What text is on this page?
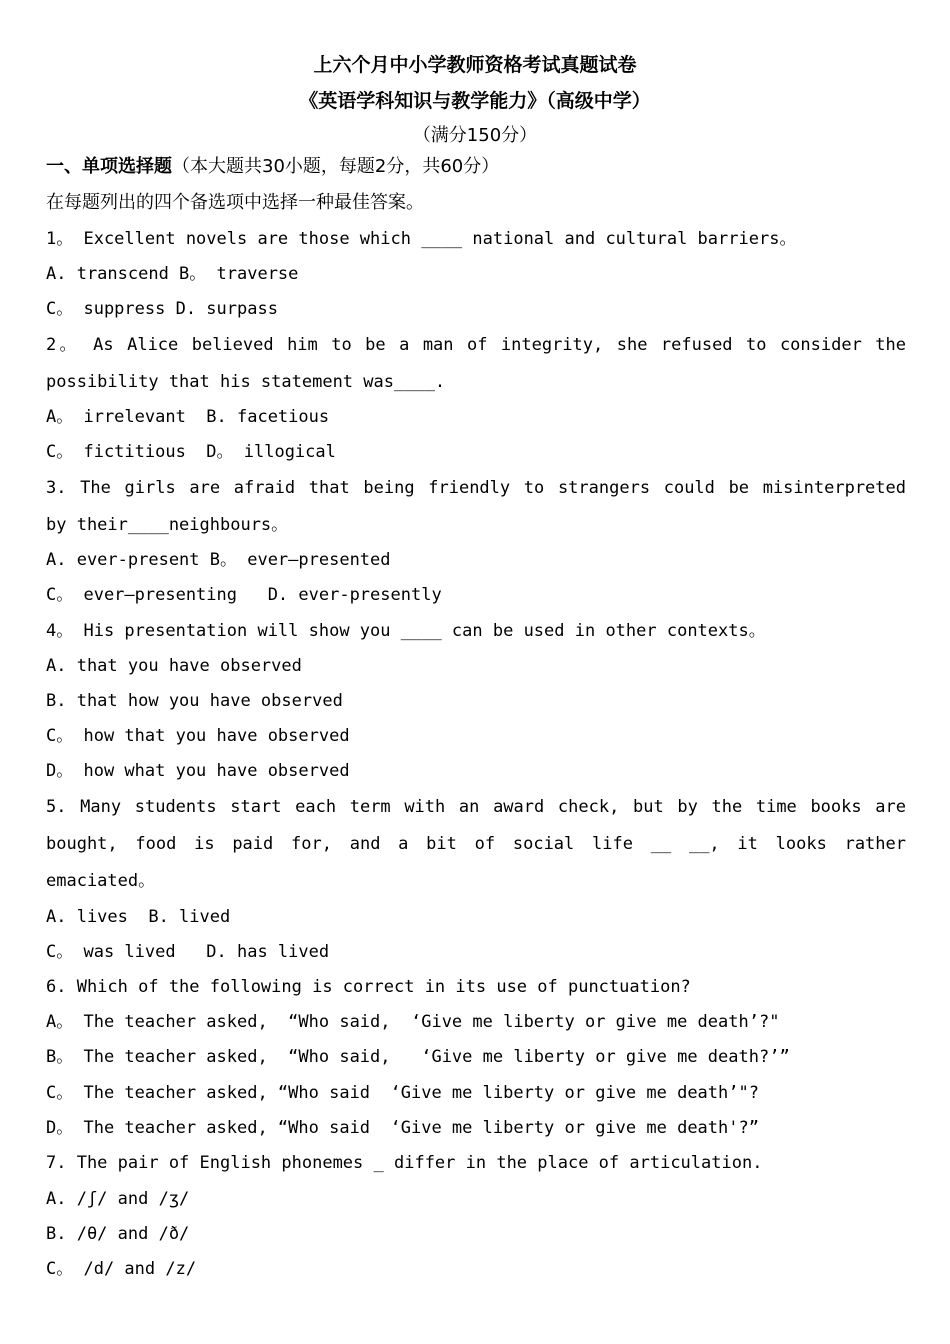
上六个月中小学教师资格考试真题试卷
《英语学科知识与教学能力》（高级中学）
（满分150分）
一、单项选择题（本大题共30小题，每题2分，共60分）
在每题列出的四个备选项中选择一种最佳答案。
1。 Excellent novels are those which ____ national and cultural barriers。
A. transcend B。 traverse
C。 suppress D. surpass
2。 As Alice believed him to be a man of integrity, she refused to consider the
possibility that his statement was____.
A。 irrelevant  B. facetious
C。 fictitious  D。 illogical
3. The girls are afraid that being friendly to strangers could be misinterpreted
by their____neighbours。
A. ever-present B。 ever—presented
C。 ever—presenting   D. ever-presently
4。 His presentation will show you ____ can be used in other contexts。
A. that you have observed
B. that how you have observed
C。 how that you have observed
D。 how what you have observed
5. Many students start each term with an award check, but by the time books are
bought, food is paid for, and a bit of social life __ __, it looks rather
emaciated。
A. lives  B. lived
C。 was lived   D. has lived
6. Which of the following is correct in its use of punctuation?
A。 The teacher asked,  “Who said,  ‘Give me liberty or give me death’?"
B。 The teacher asked,  “Who said,   ‘Give me liberty or give me death?’”
C。 The teacher asked, “Who said  ‘Give me liberty or give me death’"?
D。 The teacher asked, “Who said  ‘Give me liberty or give me death'?”
7. The pair of English phonemes _ differ in the place of articulation.
A. /ʃ/ and /ʒ/
B. /θ/ and /ð/
C。 /d/ and /z/
